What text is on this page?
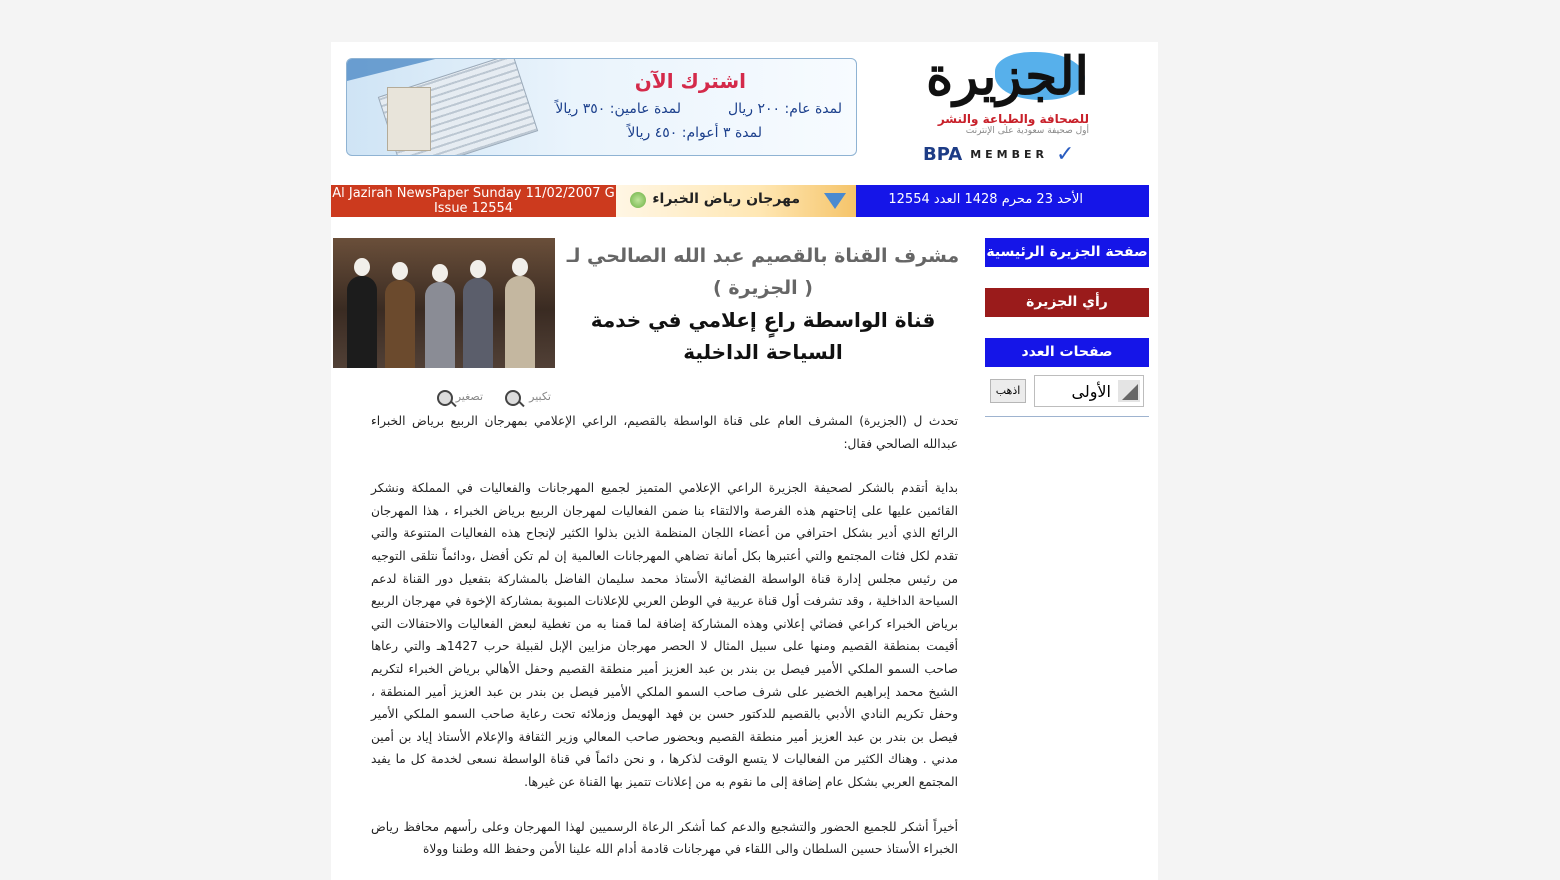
اشترك الآن
لمدة عام: ٢٠٠ ريال
لمدة عامين: ٣٥٠ ريالاً
لمدة ٣ أعوام: ٤٥٠ ريالاً
الجزيرة
للصحافة والطباعة والنشر
أول صحيفة سعودية على الإنترنت
BPA MEMBER ✓
Al Jazirah NewsPaper Sunday 11/02/2007 G
Issue 12554
مهرجان رياض الخبراء	الأحد 23 محرم 1428 العدد 12554
صفحة الجزيرة الرئيسية
رأي الجزيرة
صفحات العدد
الأولى
اذهب
مشرف القناة بالقصيم عبد الله الصالحي لـ ( الجزيرة )
قناة الواسطة راعٍ إعلامي في خدمة السياحة الداخلية
تصغير	تكبير

تحدث ل (الجزيرة) المشرف العام على قناة الواسطة بالقصيم، الراعي الإعلامي بمهرجان الربيع برياض الخبراء عبدالله الصالحي فقال:

بداية أتقدم بالشكر لصحيفة الجزيرة الراعي الإعلامي المتميز لجميع المهرجانات والفعاليات في المملكة ونشكر القائمين عليها على إتاحتهم هذه الفرصة والالتقاء بنا ضمن الفعاليات لمهرجان الربيع برياض الخبراء ، هذا المهرجان الرائع الذي أدير بشكل احترافي من أعضاء اللجان المنظمة الذين بذلوا الكثير لإنجاح هذه الفعاليات المتنوعة والتي تقدم لكل فئات المجتمع والتي أعتبرها بكل أمانة تضاهي المهرجانات العالمية إن لم تكن أفضل ،ودائماً نتلقى التوجيه من رئيس مجلس إدارة قناة الواسطة الفضائية الأستاذ محمد سليمان الفاضل بالمشاركة بتفعيل دور القناة لدعم السياحة الداخلية ، وقد تشرفت أول قناة عربية في الوطن العربي للإعلانات المبوبة بمشاركة الإخوة في مهرجان الربيع برياض الخبراء كراعي فضائي إعلاني وهذه المشاركة إضافة لما قمنا به من تغطية لبعض الفعاليات والاحتفالات التي أقيمت بمنطقة القصيم ومنها على سبيل المثال لا الحصر مهرجان مزايين الإبل لقبيلة حرب 1427هـ والتي رعاها صاحب السمو الملكي الأمير فيصل بن بندر بن عبد العزيز أمير منطقة القصيم وحفل الأهالي برياض الخبراء لتكريم الشيخ محمد إبراهيم الخضير على شرف صاحب السمو الملكي الأمير فيصل بن بندر بن عبد العزيز أمير المنطقة ، وحفل تكريم النادي الأدبي بالقصيم للدكتور حسن بن فهد الهويمل وزملائه تحت رعاية صاحب السمو الملكي الأمير فيصل بن بندر بن عبد العزيز أمير منطقة القصيم وبحضور صاحب المعالي وزير الثقافة والإعلام الأستاذ إياد بن أمين مدني . وهناك الكثير من الفعاليات لا يتسع الوقت لذكرها ، و نحن دائماً في قناة الواسطة نسعى لخدمة كل ما يفيد المجتمع العربي بشكل عام إضافة إلى ما نقوم به من إعلانات تتميز بها القناة عن غيرها.

أخيراً أشكر للجميع الحضور والتشجيع والدعم كما أشكر الرعاة الرسميين لهذا المهرجان وعلى رأسهم محافظ رياض الخبراء الأستاذ حسين السلطان والى اللقاء في مهرجانات قادمة أدام الله علينا الأمن وحفظ الله وطننا وولاة
